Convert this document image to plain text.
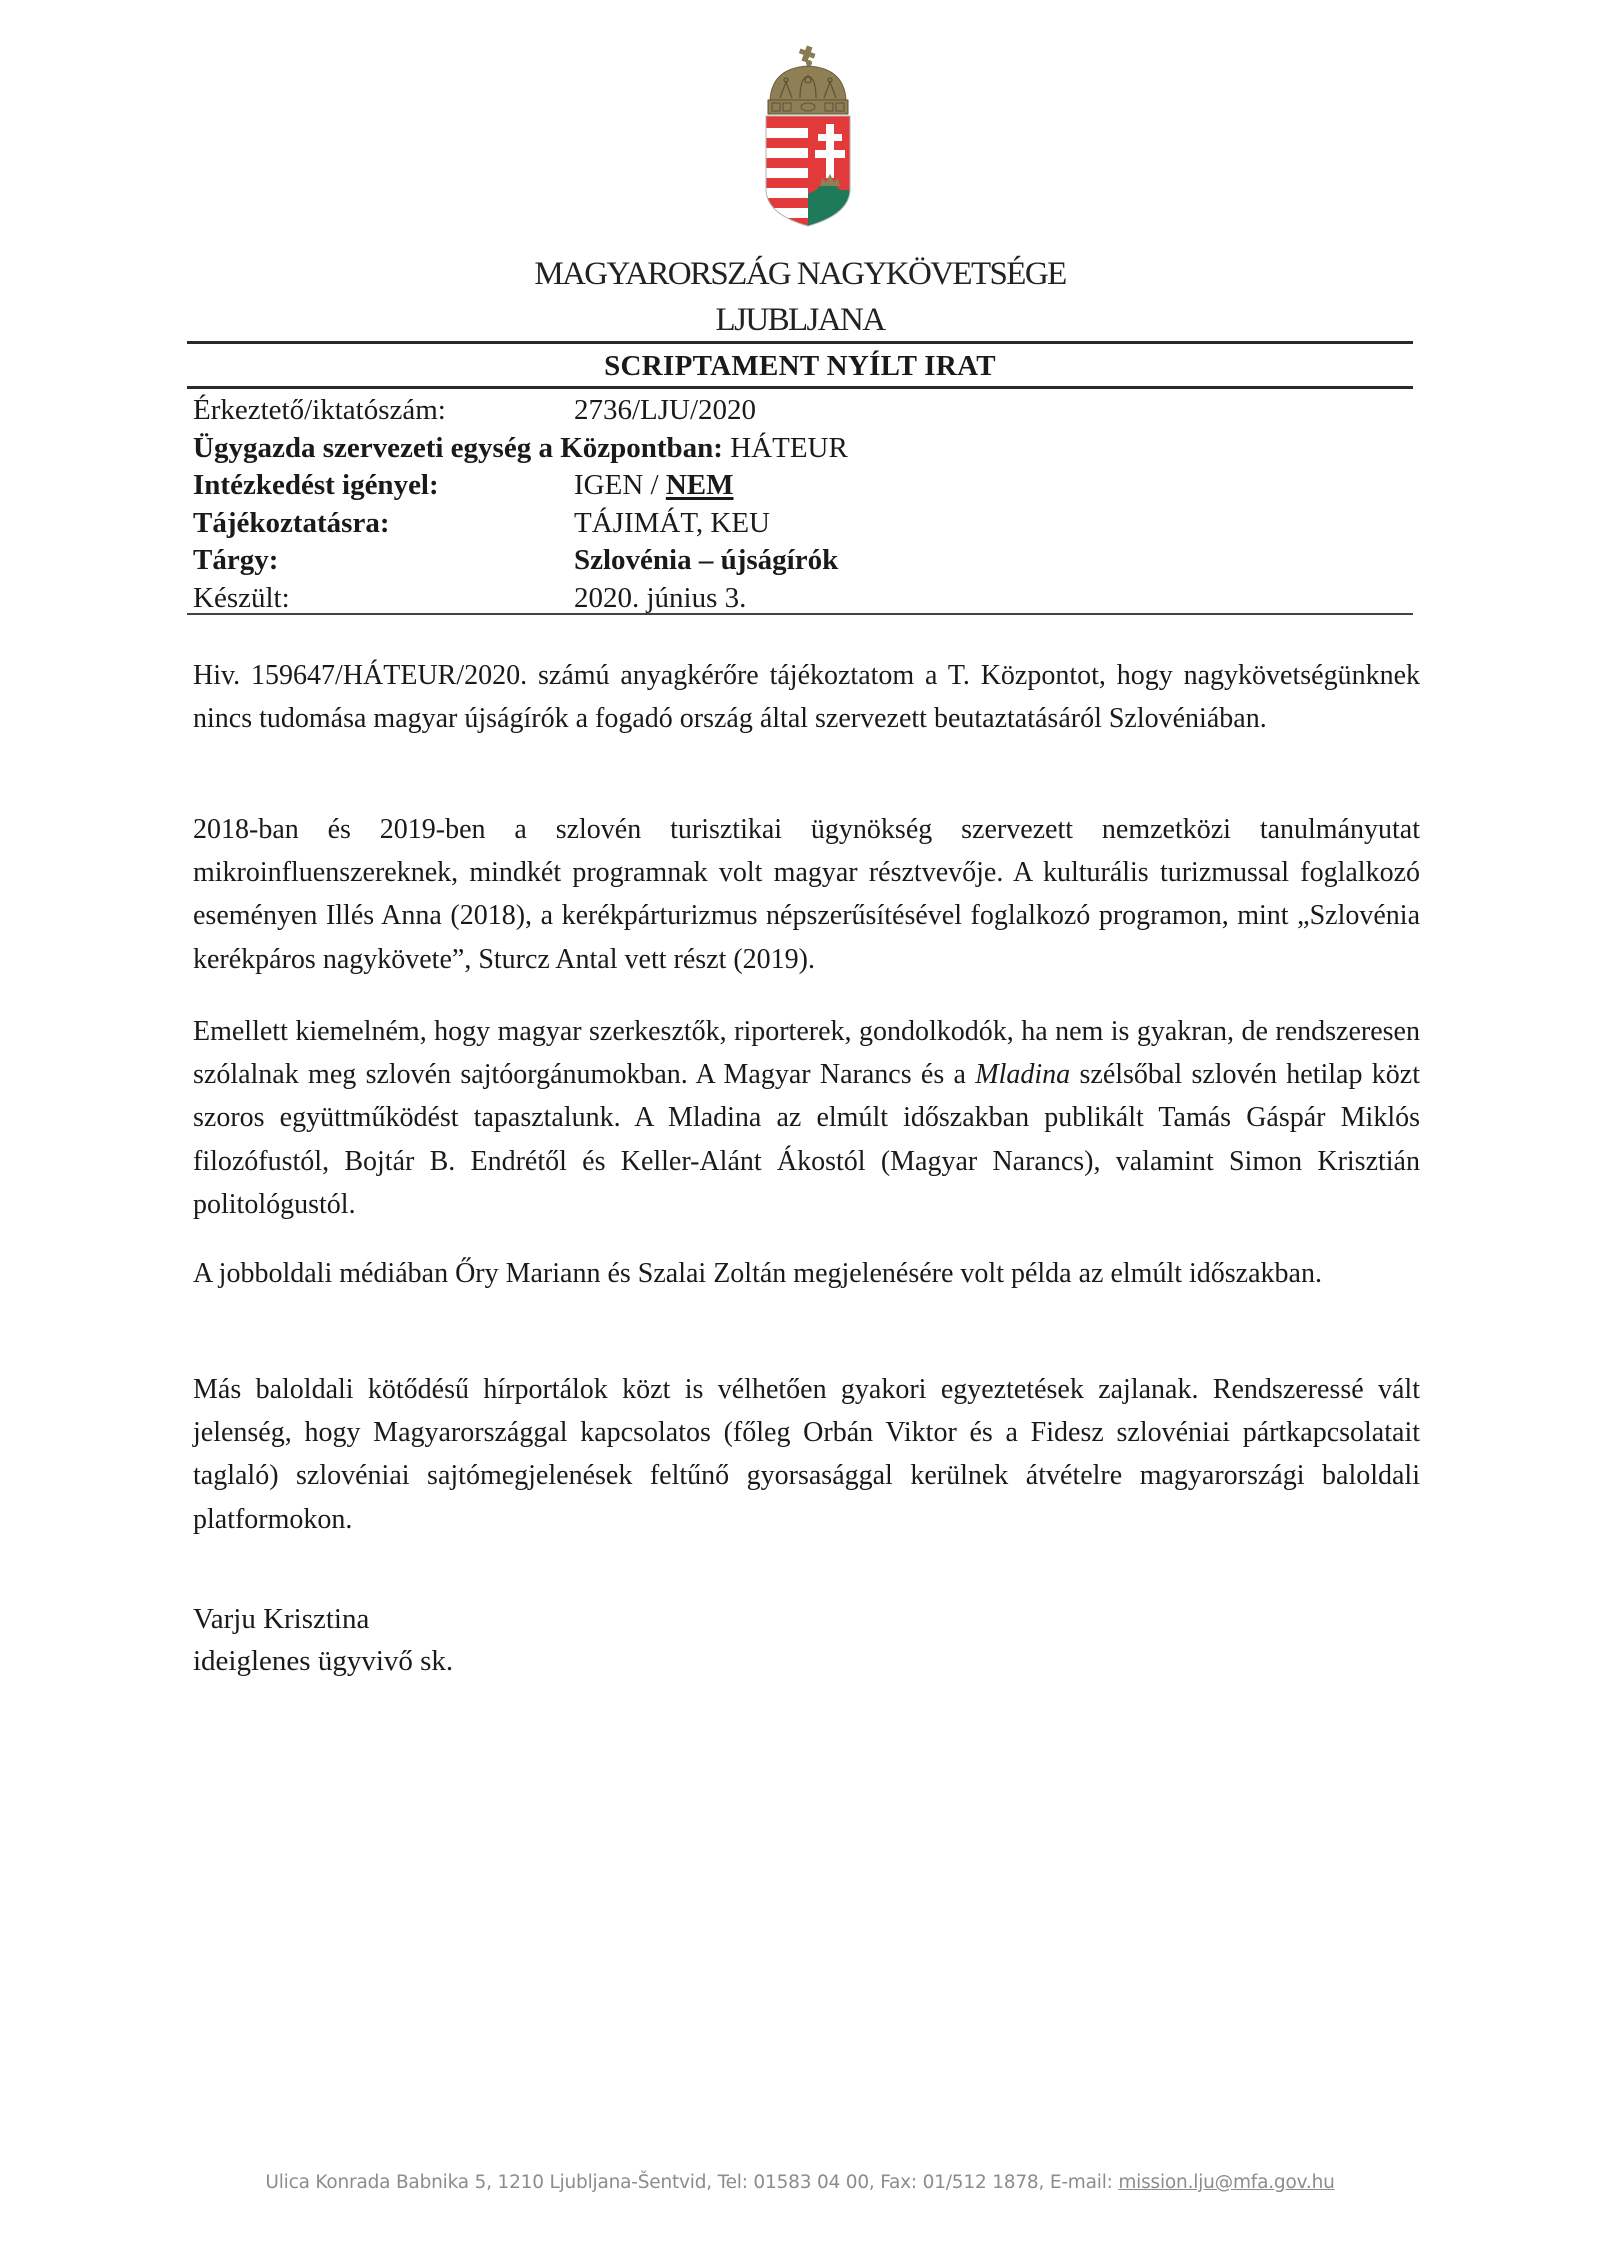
MAGYARORSZÁG NAGYKÖVETSÉGE
LJUBLJANA
SCRIPTAMENT NYÍLT IRAT
Érkeztető/iktatószám:	2736/LJU/2020
Ügygazda szervezeti egység a Központban: HÁTEUR
Intézkedést igényel:	IGEN / NEM
Tájékoztatásra:	TÁJIMÁT, KEU
Tárgy:	Szlovénia – újságírók
Készült:	2020. június 3.

Hiv. 159647/HÁTEUR/2020. számú anyagkérőre tájékoztatom a T. Központot, hogy nagykövetségünknek nincs tudomása magyar újságírók a fogadó ország által szervezett beutaztatásáról Szlovéniában.

2018-ban és 2019-ben a szlovén turisztikai ügynökség szervezett nemzetközi tanulmányutat mikroinfluenszereknek, mindkét programnak volt magyar résztvevője. A kulturális turizmussal foglalkozó eseményen Illés Anna (2018), a kerékpárturizmus népszerűsítésével foglalkozó programon, mint „Szlovénia kerékpáros nagykövete”, Sturcz Antal vett részt (2019).

Emellett kiemelném, hogy magyar szerkesztők, riporterek, gondolkodók, ha nem is gyakran, de rendszeresen szólalnak meg szlovén sajtóorgánumokban. A Magyar Narancs és a Mladina szélsőbal szlovén hetilap közt szoros együttműködést tapasztalunk. A Mladina az elmúlt időszakban publikált Tamás Gáspár Miklós filozófustól, Bojtár B. Endrétől és Keller-Alánt Ákostól (Magyar Narancs), valamint Simon Krisztián politológustól.

A jobboldali médiában Őry Mariann és Szalai Zoltán megjelenésére volt példa az elmúlt időszakban.

Más baloldali kötődésű hírportálok közt is vélhetően gyakori egyeztetések zajlanak. Rendszeressé vált jelenség, hogy Magyarországgal kapcsolatos (főleg Orbán Viktor és a Fidesz szlovéniai pártkapcsolatait taglaló) szlovéniai sajtómegjelenések feltűnő gyorsasággal kerülnek átvételre magyarországi baloldali platformokon.

Varju Krisztina
ideiglenes ügyvivő sk.
Ulica Konrada Babnika 5, 1210 Ljubljana-Šentvid, Tel: 01583 04 00, Fax: 01/512 1878, E-mail: mission.lju@mfa.gov.hu
